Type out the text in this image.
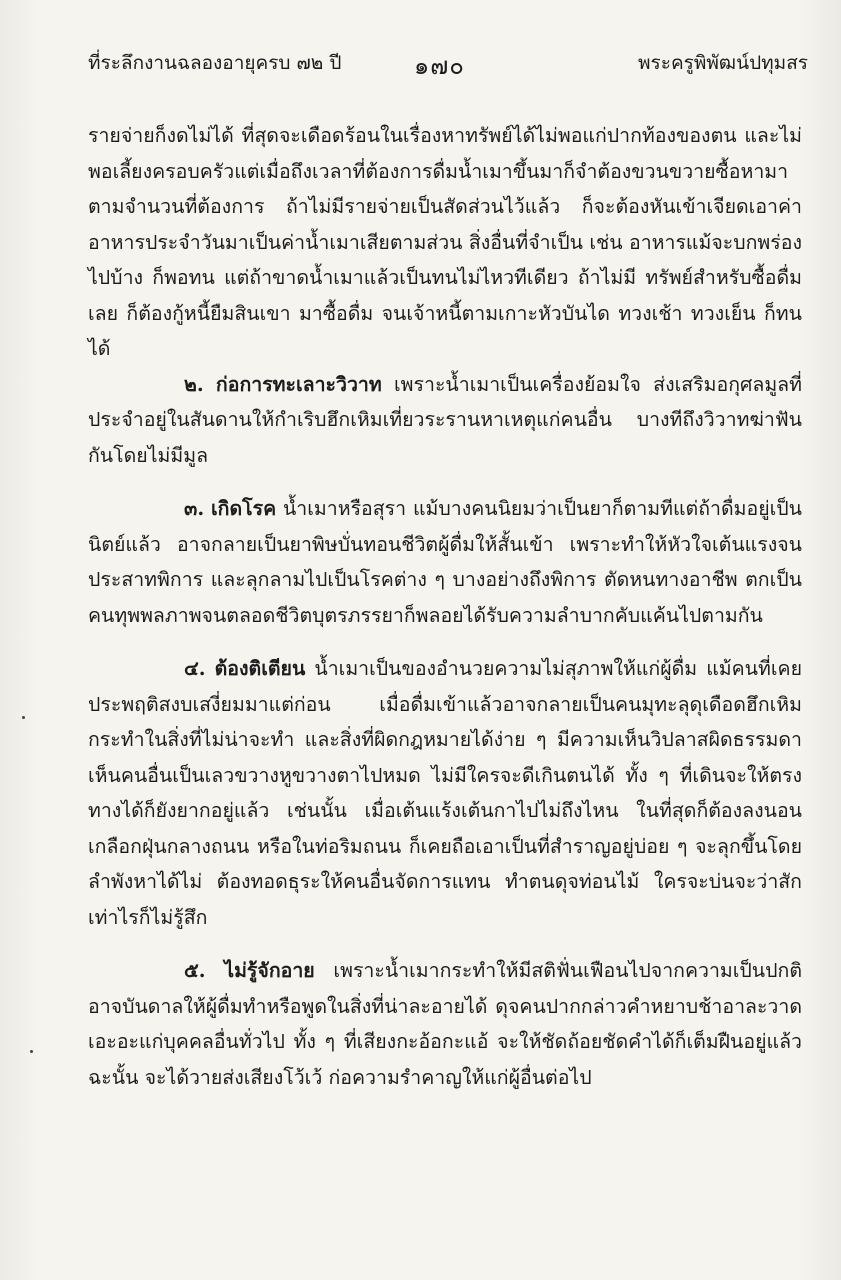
ที่ระลึกงานฉลองอายุครบ ๗๒ ปี	๑๗๐	พระครูพิพัฒน์ปทุมสร

รายจ่ายก็งดไม่ได้ ที่สุดจะเดือดร้อนในเรื่องหาทรัพย์ได้ไม่พอแก่ปากท้องของตน และไม่พอเลี้ยงครอบครัวแต่เมื่อถึงเวลาที่ต้องการดื่มน้ำเมาขึ้นมาก็จำต้องขวนขวายซื้อหามาตามจำนวนที่ต้องการ ถ้าไม่มีรายจ่ายเป็นสัดส่วนไว้แล้ว ก็จะต้องหันเข้าเจียดเอาค่าอาหารประจำวันมาเป็นค่าน้ำเมาเสียตามส่วน สิ่งอื่นที่จำเป็น เช่น อาหารแม้จะบกพร่องไปบ้าง ก็พอทน แต่ถ้าขาดน้ำเมาแล้วเป็นทนไม่ไหวทีเดียว ถ้าไม่มี ทรัพย์สำหรับซื้อดื่มเลย ก็ต้องกู้หนี้ยืมสินเขา มาซื้อดื่ม จนเจ้าหนี้ตามเกาะหัวบันได ทวงเช้า ทวงเย็น ก็ทนได้

๒. ก่อการทะเลาะวิวาท เพราะน้ำเมาเป็นเครื่องย้อมใจ ส่งเสริมอกุศลมูลที่ประจำอยู่ในสันดานให้กำเริบฮึกเหิมเที่ยวระรานหาเหตุแก่คนอื่น บางทีถึงวิวาทฆ่าฟันกันโดยไม่มีมูล

๓. เกิดโรค น้ำเมาหรือสุรา แม้บางคนนิยมว่าเป็นยาก็ตามทีแต่ถ้าดื่มอยู่เป็นนิตย์แล้ว อาจกลายเป็นยาพิษบั่นทอนชีวิตผู้ดื่มให้สั้นเข้า เพราะทำให้หัวใจเต้นแรงจนประสาทพิการ และลุกลามไปเป็นโรคต่าง ๆ บางอย่างถึงพิการ ตัดหนทางอาชีพ ตกเป็นคนทุพพลภาพจนตลอดชีวิตบุตรภรรยาก็พลอยได้รับความลำบากคับแค้นไปตามกัน

๔. ต้องติเตียน น้ำเมาเป็นของอำนวยความไม่สุภาพให้แก่ผู้ดื่ม แม้คนที่เคยประพฤติสงบเสงี่ยมมาแต่ก่อน เมื่อดื่มเข้าแล้วอาจกลายเป็นคนมุทะลุดุเดือดฮึกเหิม กระทำในสิ่งที่ไม่น่าจะทำ และสิ่งที่ผิดกฎหมายได้ง่าย ๆ มีความเห็นวิปลาสผิดธรรมดา เห็นคนอื่นเป็นเลวขวางหูขวางตาไปหมด ไม่มีใครจะดีเกินตนได้ ทั้ง ๆ ที่เดินจะให้ตรงทางได้ก็ยังยากอยู่แล้ว เช่นนั้น เมื่อเต้นแร้งเต้นกาไปไม่ถึงไหน ในที่สุดก็ต้องลงนอนเกลือกฝุ่นกลางถนน หรือในท่อริมถนน ก็เคยถือเอาเป็นที่สำราญอยู่บ่อย ๆ จะลุกขึ้นโดยลำพังหาได้ไม่ ต้องทอดธุระให้คนอื่นจัดการแทน ทำตนดุจท่อนไม้ ใครจะบ่นจะว่าสักเท่าไรก็ไม่รู้สึก

๕. ไม่รู้จักอาย เพราะน้ำเมากระทำให้มีสติฟั่นเฟือนไปจากความเป็นปกติ อาจบันดาลให้ผู้ดื่มทำหรือพูดในสิ่งที่น่าละอายได้ ดุจคนปากกล่าวคำหยาบช้าอาละวาดเอะอะแก่บุคคลอื่นทั่วไป ทั้ง ๆ ที่เสียงกะอ้อกะแอ้ จะให้ชัดถ้อยชัดคำได้ก็เต็มฝืนอยู่แล้ว ฉะนั้น จะได้วายส่งเสียงโว้เว้ ก่อความรำคาญให้แก่ผู้อื่นต่อไป
